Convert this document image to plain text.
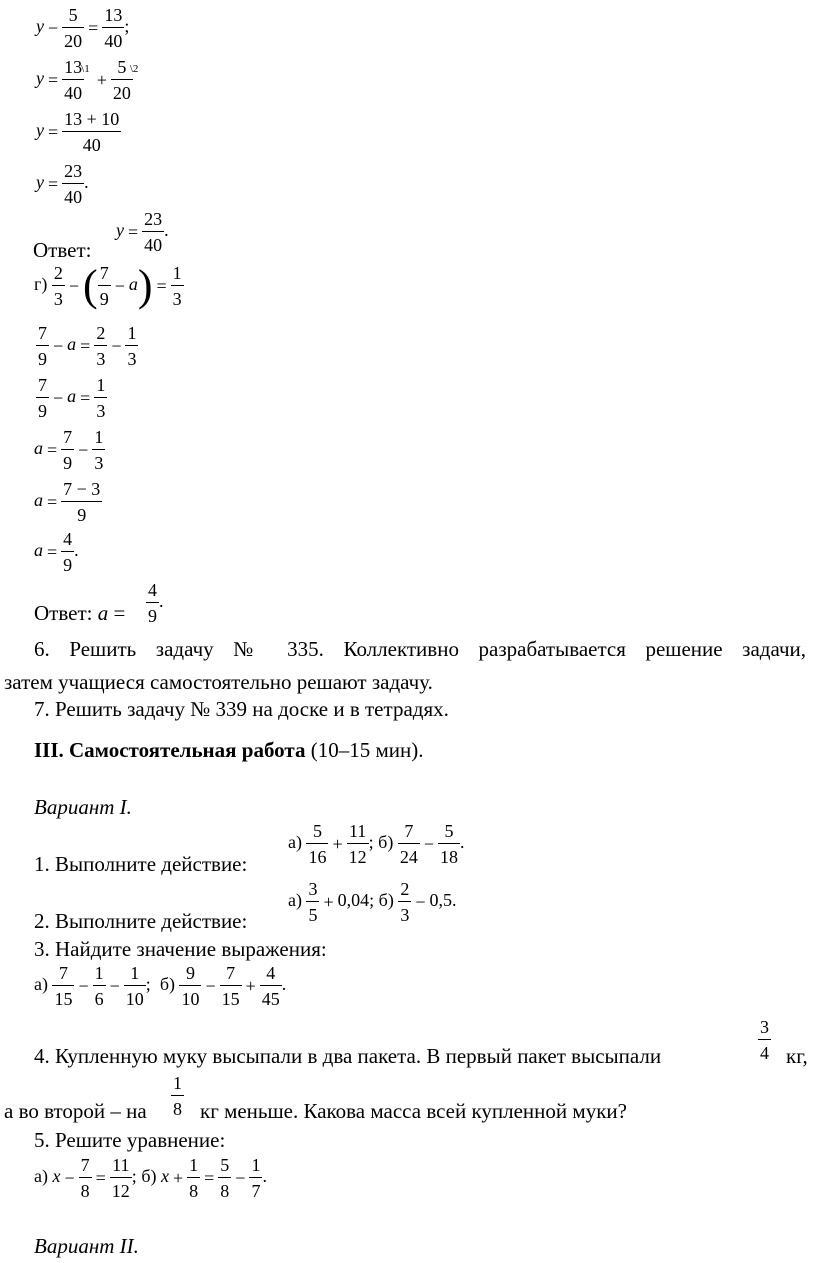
$y - \frac{5}{20} = \frac{13}{40}$ ;
$y = \frac{13}{40}$
$^{\backslash 1}+ \frac{5}{20}$
$^{\backslash 2}$
$y = \frac{13 + 10}{40}$
$y = \frac{23}{40}$ .
Ответ:
$y = \frac{23}{40}$ .
$г) \frac{2}{3}$ −( $\frac{7}{9} - a) = \frac{1}{3}$
$\frac{7}{9} - a = \frac{2}{3} - \frac{1}{3}$
$\frac{7}{9} - a = \frac{1}{3}$
$a = \frac{7}{9} - \frac{1}{3}$
$a = \frac{7 - 3}{9}$
$a = \frac{4}{9}$ .
Ответ: $a = \frac{4}{9}$ .
6. Решить задачу № 335. Коллективно разрабатывается решение задачи,
затем учащиеся самостоятельно решают задачу.
7. Решить задачу № 339 на доске и в тетрадях.
III. Самостоятельная работа (10–15 мин).
Вариант I.
1. Выполните действие:
$а) \frac{5}{16} + \frac{11}{12}$ ; $б) \frac{7}{24} - \frac{5}{18}$ .
2. Выполните действие:
$а) \frac{3}{5} + 0,04$; $б) \frac{2}{3} - 0,5$.
3. Найдите значение выражения:
$а) \frac{7}{15} - \frac{1}{6} - \frac{1}{10}$ ; $б) \frac{9}{10} - \frac{7}{15} + \frac{4}{45}$ .
4. Купленную муку высыпали в два пакета. В первый пакет высыпали	$\frac{3}{4}$ кг,
а во второй – на $\frac{1}{8}$ кг меньше. Какова масса всей купленной муки?
5. Решите уравнение:
а) $x - \frac{7}{8} = \frac{11}{12}$ ; б) $x + \frac{1}{8} = \frac{5}{8} - \frac{1}{7}$ .
Вариант II.
